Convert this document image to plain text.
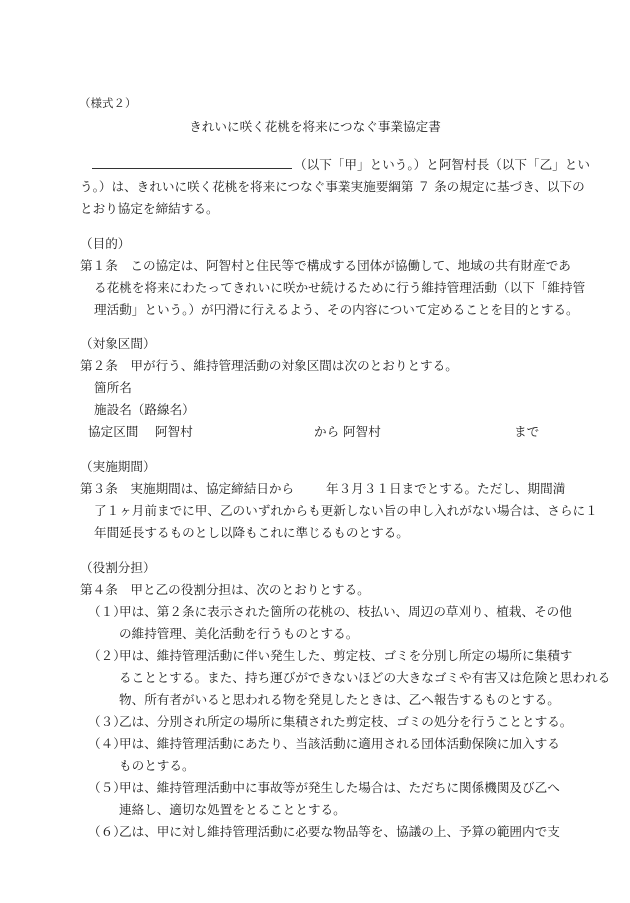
（様式２）
きれいに咲く花桃を将来につなぐ事業協定書
（以下「甲」という。）と阿智村長（以下「乙」とい
う。）は、きれいに咲く花桃を将来につなぐ事業実施要綱第 ７ 条の規定に基づき、以下の
とおり協定を締結する。
（目的）
第１条　この協定は、阿智村と住民等で構成する団体が協働して、地域の共有財産であ
る花桃を将来にわたってきれいに咲かせ続けるために行う維持管理活動（以下「維持管
理活動」という。）が円滑に行えるよう、その内容について定めることを目的とする。
（対象区間）
第２条　甲が行う、維持管理活動の対象区間は次のとおりとする。
箇所名
施設名（路線名）
協定区間 阿智村	から 阿智村	まで
（実施期間）
第３条　実施期間は、協定締結日から	年３月３１日までとする。ただし、期間満
了１ヶ月前までに甲、乙のいずれからも更新しない旨の申し入れがない場合は、さらに１
年間延長するものとし以降もこれに準じるものとする。
（役割分担）
第４条　甲と乙の役割分担は、次のとおりとする。
（１）
甲は、第２条に表示された箇所の花桃の、枝払い、周辺の草刈り、植栽、その他
の維持管理、美化活動を行うものとする。
（２）
甲は、維持管理活動に伴い発生した、剪定枝、ゴミを分別し所定の場所に集積す
ることとする。また、持ち運びができないほどの大きなゴミや有害又は危険と思われる
物、所有者がいると思われる物を発見したときは、乙へ報告するものとする。
（３）
乙は、分別され所定の場所に集積された剪定枝、ゴミの処分を行うこととする。
（４）
甲は、維持管理活動にあたり、当該活動に適用される団体活動保険に加入する
ものとする。
（５）
甲は、維持管理活動中に事故等が発生した場合は、ただちに関係機関及び乙へ
連絡し、適切な処置をとることとする。
（６）
乙は、甲に対し維持管理活動に必要な物品等を、協議の上、予算の範囲内で支
